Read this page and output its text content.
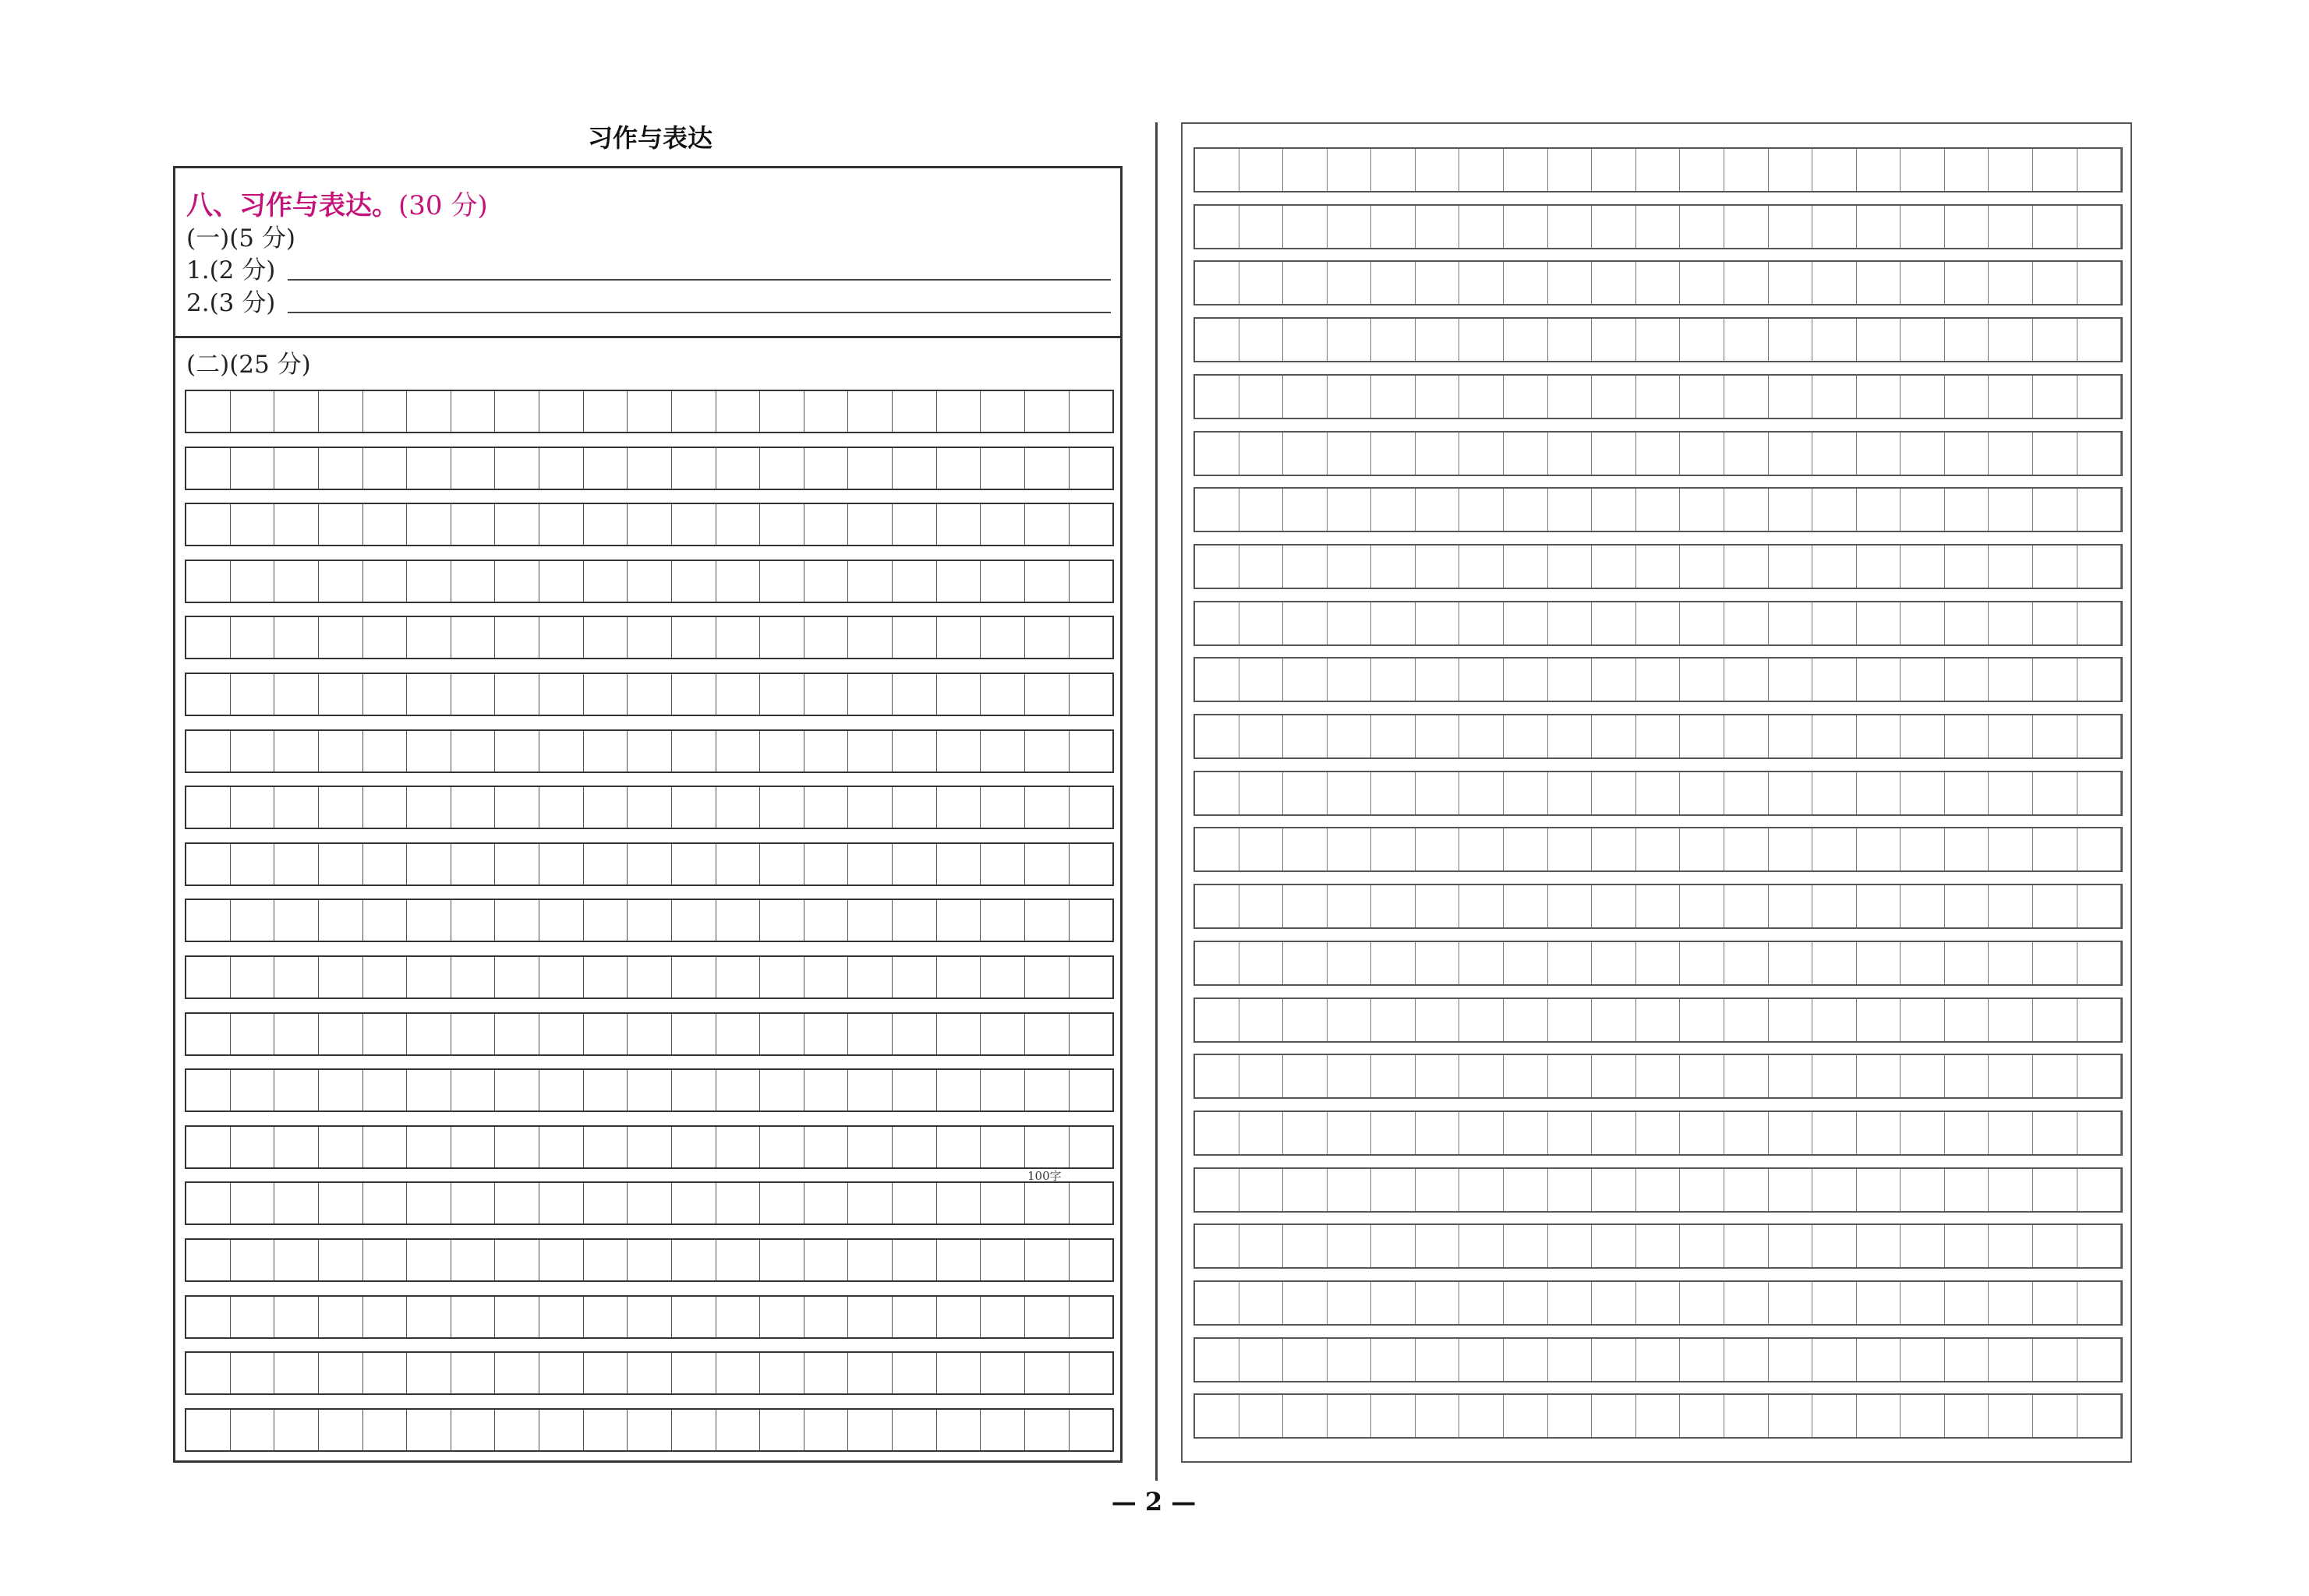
习作与表达
八、习作与表达。(30 分)
(一)(5 分)
1.(2 分)
2.(3 分)
(二)(25 分)
100字
— 2 —
